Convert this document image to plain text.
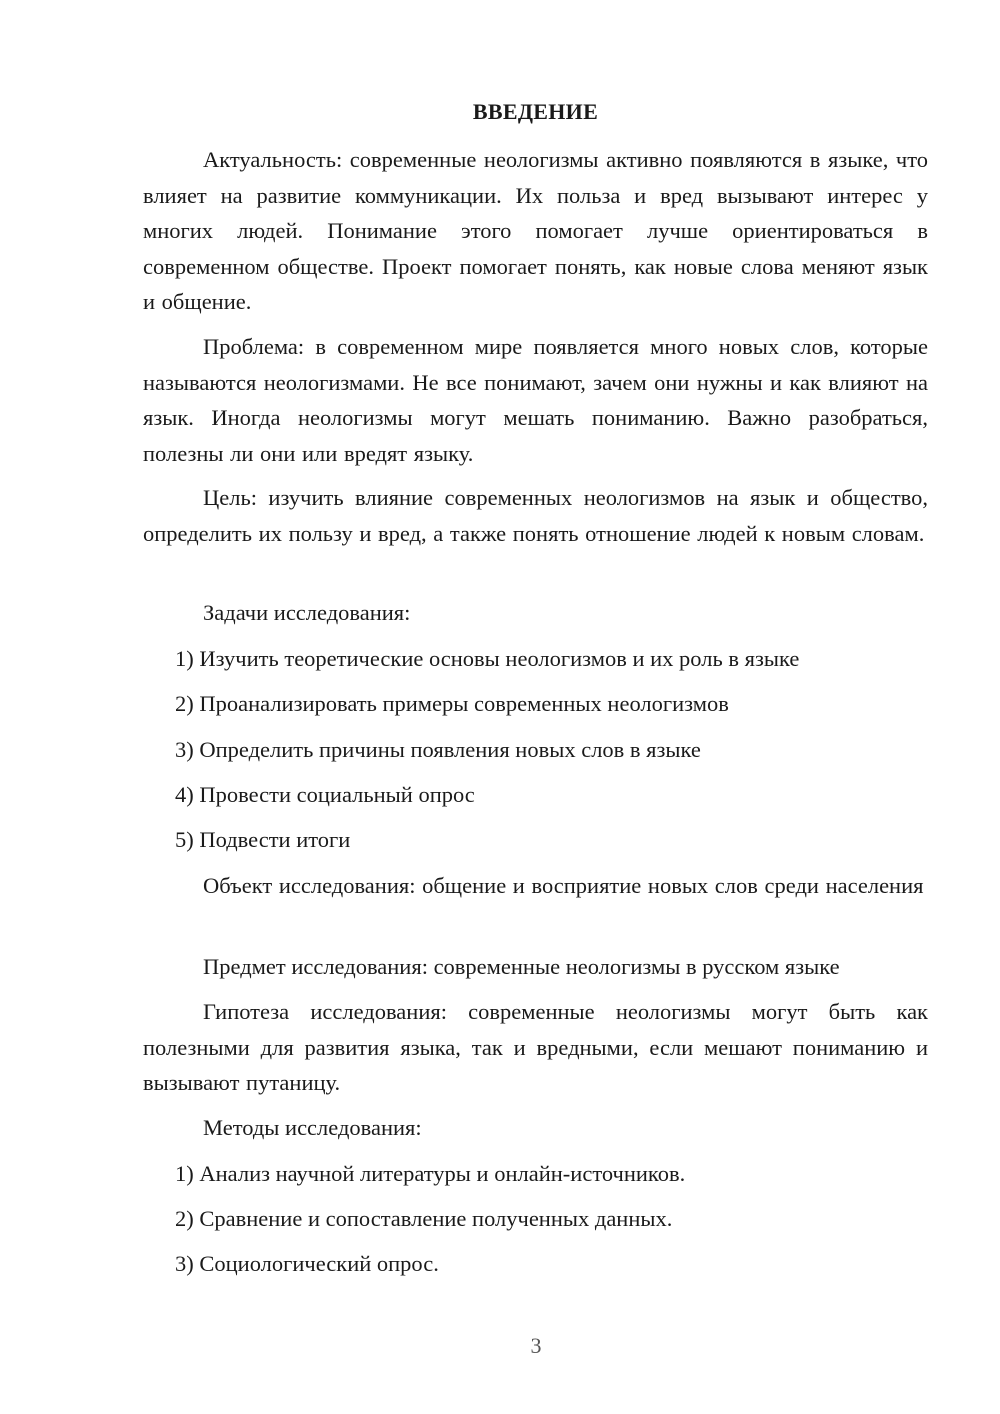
ВВЕДЕНИЕ

Актуальность: современные неологизмы активно появляются в языке, что влияет на развитие коммуникации. Их польза и вред вызывают интерес у многих людей. Понимание этого помогает лучше ориентироваться в современном обществе. Проект помогает понять, как новые слова меняют язык и общение.

Проблема: в современном мире появляется много новых слов, которые называются неологизмами. Не все понимают, зачем они нужны и как влияют на язык. Иногда неологизмы могут мешать пониманию. Важно разобраться, полезны ли они или вредят языку.

Цель: изучить влияние современных неологизмов на язык и общество, определить их пользу и вред, а также понять отношение людей к новым словам.

Задачи исследования:

1) Изучить теоретические основы неологизмов и их роль в языке

2) Проанализировать примеры современных неологизмов

3) Определить причины появления новых слов в языке

4) Провести социальный опрос

5) Подвести итоги

Объект исследования: общение и восприятие новых слов среди населения

Предмет исследования: современные неологизмы в русском языке

Гипотеза исследования: современные неологизмы могут быть как полезными для развития языка, так и вредными, если мешают пониманию и вызывают путаницу.

Методы исследования:

1) Анализ научной литературы и онлайн-источников.

2) Сравнение и сопоставление полученных данных.

3) Социологический опрос.

3
